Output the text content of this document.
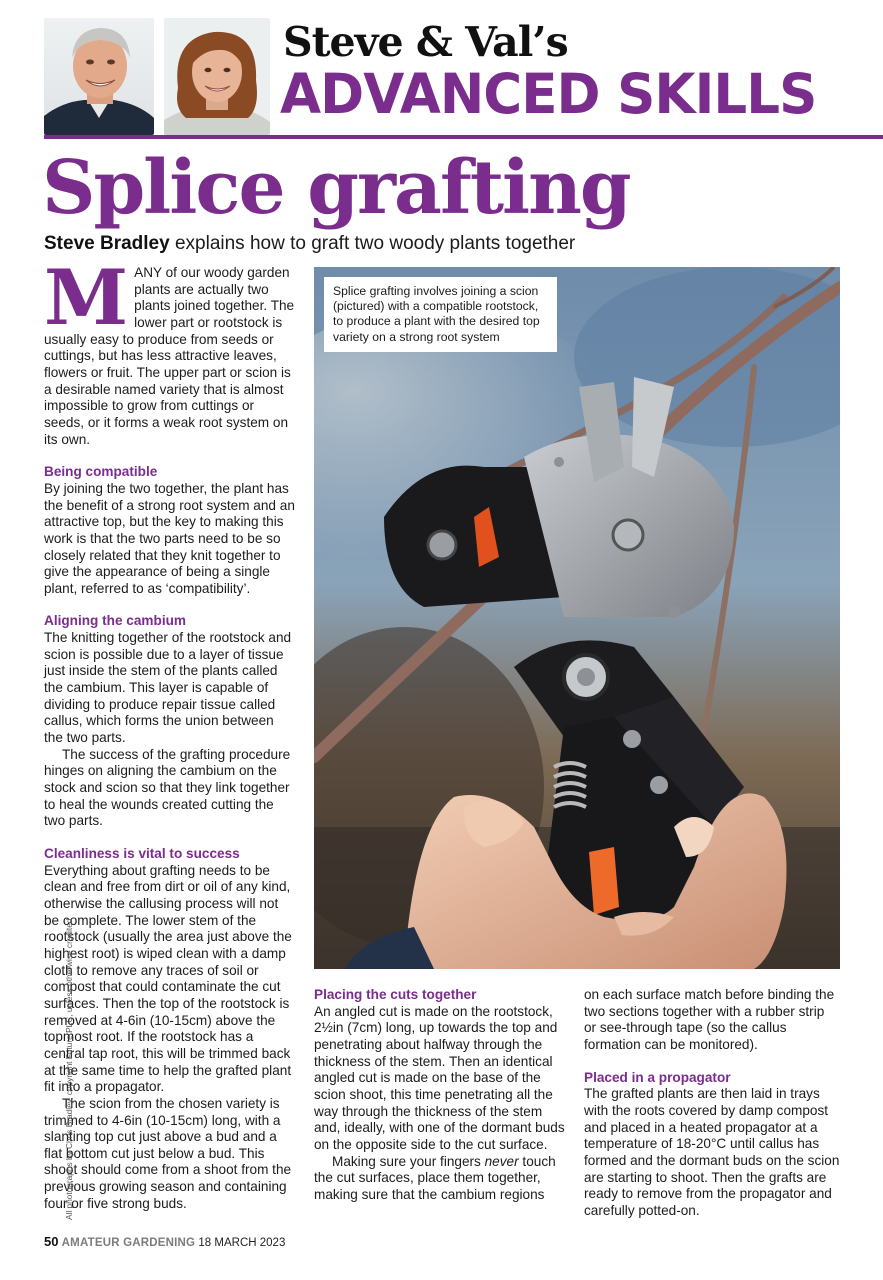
Steve & Val’s
ADVANCED SKILLS
Splice grafting
Steve Bradley explains how to graft two woody plants together
M ANY of our woody garden plants are actually two plants joined together. The lower part or rootstock is usually easy to produce from seeds or cuttings, but has less attractive leaves, flowers or fruit. The upper part or scion is a desirable named variety that is almost impossible to grow from cuttings or seeds, or it forms a weak root system on its own.

Being compatible

By joining the two together, the plant has the benefit of a strong root system and an attractive top, but the key to making this work is that the two parts need to be so closely related that they knit together to give the appearance of being a single plant, referred to as ‘compatibility’.

Aligning the cambium

The knitting together of the rootstock and scion is possible due to a layer of tissue just inside the stem of the plants called the cambium. This layer is capable of dividing to produce repair tissue called callus, which forms the union between the two parts.

The success of the grafting procedure hinges on aligning the cambium on the stock and scion so that they link together to heal the wounds created cutting the two parts.

Cleanliness is vital to success

Everything about grafting needs to be clean and free from dirt or oil of any kind, otherwise the callusing process will not be complete. The lower stem of the rootstock (usually the area just above the highest root) is wiped clean with a damp cloth to remove any traces of soil or compost that could contaminate the cut surfaces. Then the top of the rootstock is removed at 4-6in (10-15cm) above the topmost root. If the rootstock has a central tap root, this will be trimmed back at the same time to help the grafted plant fit into a propagator.

The scion from the chosen variety is trimmed to 4-6in (10-15cm) long, with a slanting top cut just above a bud and a flat bottom cut just below a bud. This shoot should come from a shoot from the previous growing season and containing four or five strong buds.

Splice grafting involves joining a scion (pictured) with a compatible rootstock, to produce a plant with the desired top variety on a strong root system
Placing the cuts together

An angled cut is made on the rootstock, 2½in (7cm) long, up towards the top and penetrating about halfway through the thickness of the stem. Then an identical angled cut is made on the base of the scion shoot, this time penetrating all the way through the thickness of the stem and, ideally, with one of the dormant buds on the opposite side to the cut surface.

Making sure your fingers never touch the cut surfaces, place them together, making sure that the cambium regions

on each surface match before binding the two sections together with a rubber strip or see-through tape (so the callus formation can be monitored).

Placed in a propagator

The grafted plants are then laid in trays with the roots covered by damp compost and placed in a heated propagator at a temperature of 18-20°C until callus has formed and the dormant buds on the scion are starting to shoot. Then the grafts are ready to remove from the propagator and carefully potted-on.

All photographs by Chris Bradley, copyright Future PLC, unless otherwise credited
50 AMATEUR GARDENING 18 MARCH 2023
